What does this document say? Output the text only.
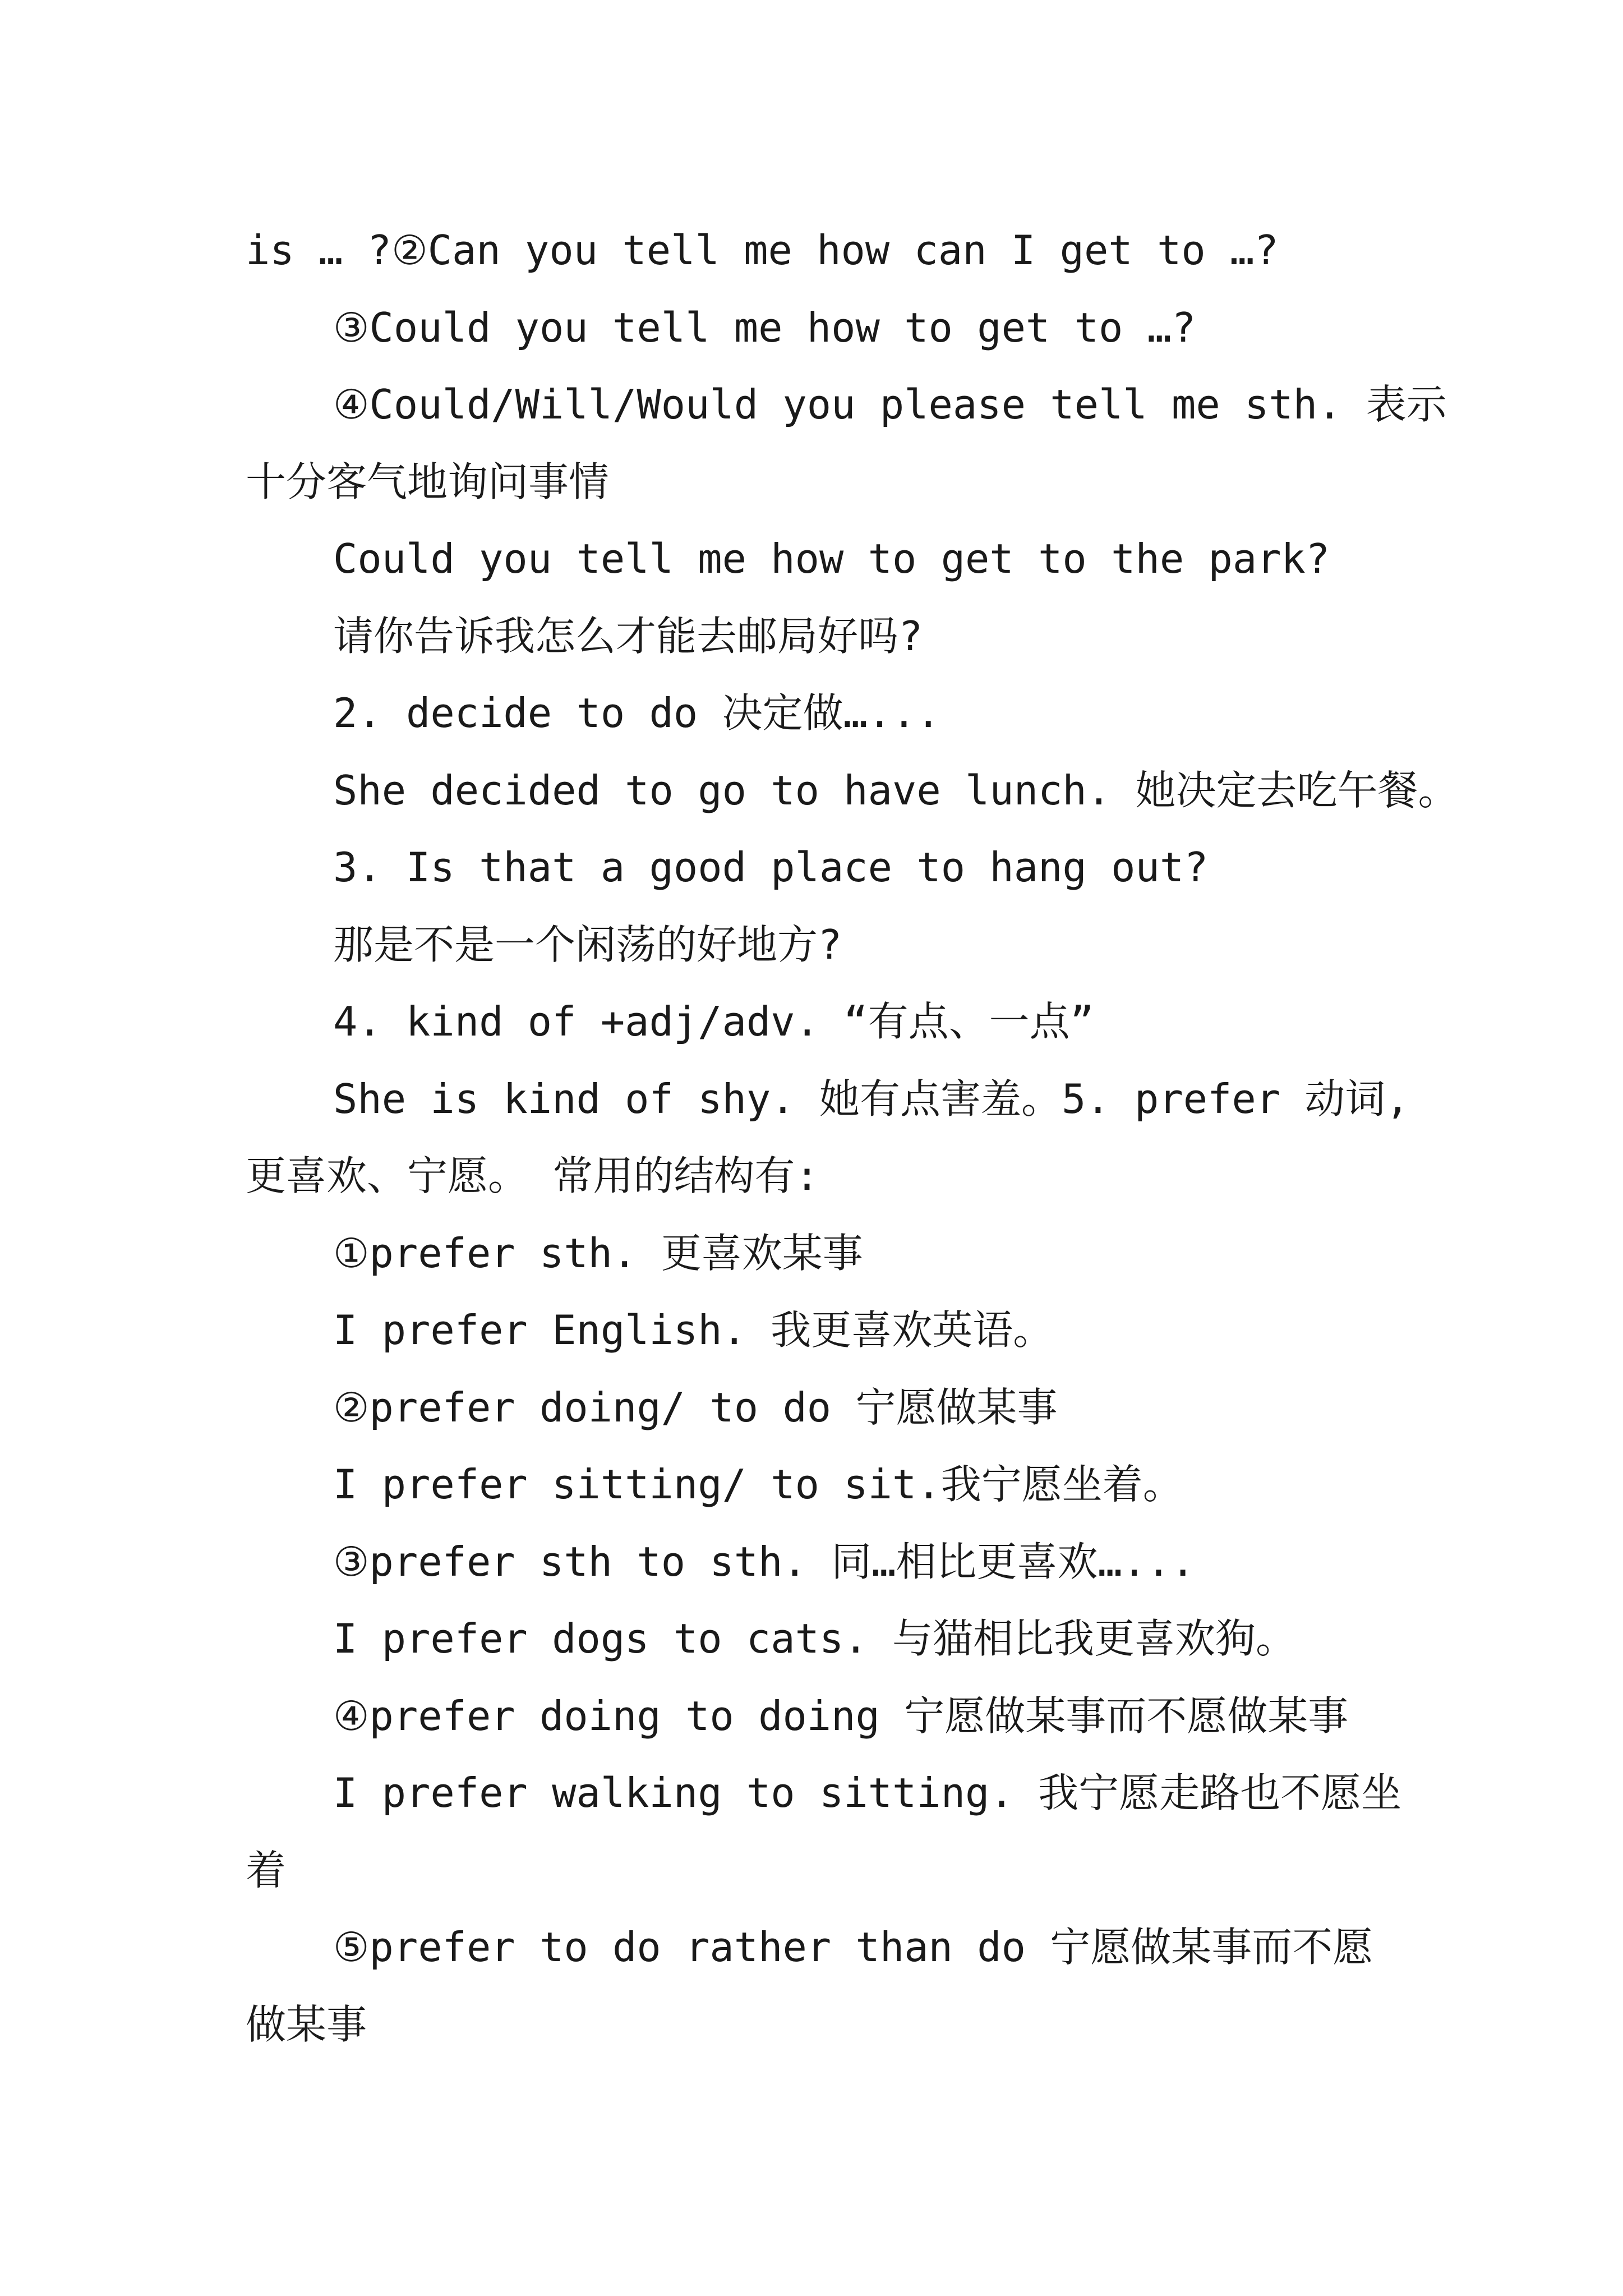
is … ?②Can you tell me how can I get to …?
③Could you tell me how to get to …?
④Could/Will/Would you please tell me sth. 表示
十分客气地询问事情
Could you tell me how to get to the park?
请你告诉我怎么才能去邮局好吗?
2. decide to do 决定做…...
She decided to go to have lunch. 她决定去吃午餐。
3. Is that a good place to hang out?
那是不是一个闲荡的好地方?
4. kind of +adj/adv. “有点、一点”
She is kind of shy. 她有点害羞。5. prefer 动词,
更喜欢、宁愿。 常用的结构有:
①prefer sth. 更喜欢某事
I prefer English. 我更喜欢英语。
②prefer doing/ to do 宁愿做某事
I prefer sitting/ to sit.我宁愿坐着。
③prefer sth to sth. 同…相比更喜欢…...
I prefer dogs to cats. 与猫相比我更喜欢狗。
④prefer doing to doing 宁愿做某事而不愿做某事
I prefer walking to sitting. 我宁愿走路也不愿坐
着
⑤prefer to do rather than do 宁愿做某事而不愿
做某事
